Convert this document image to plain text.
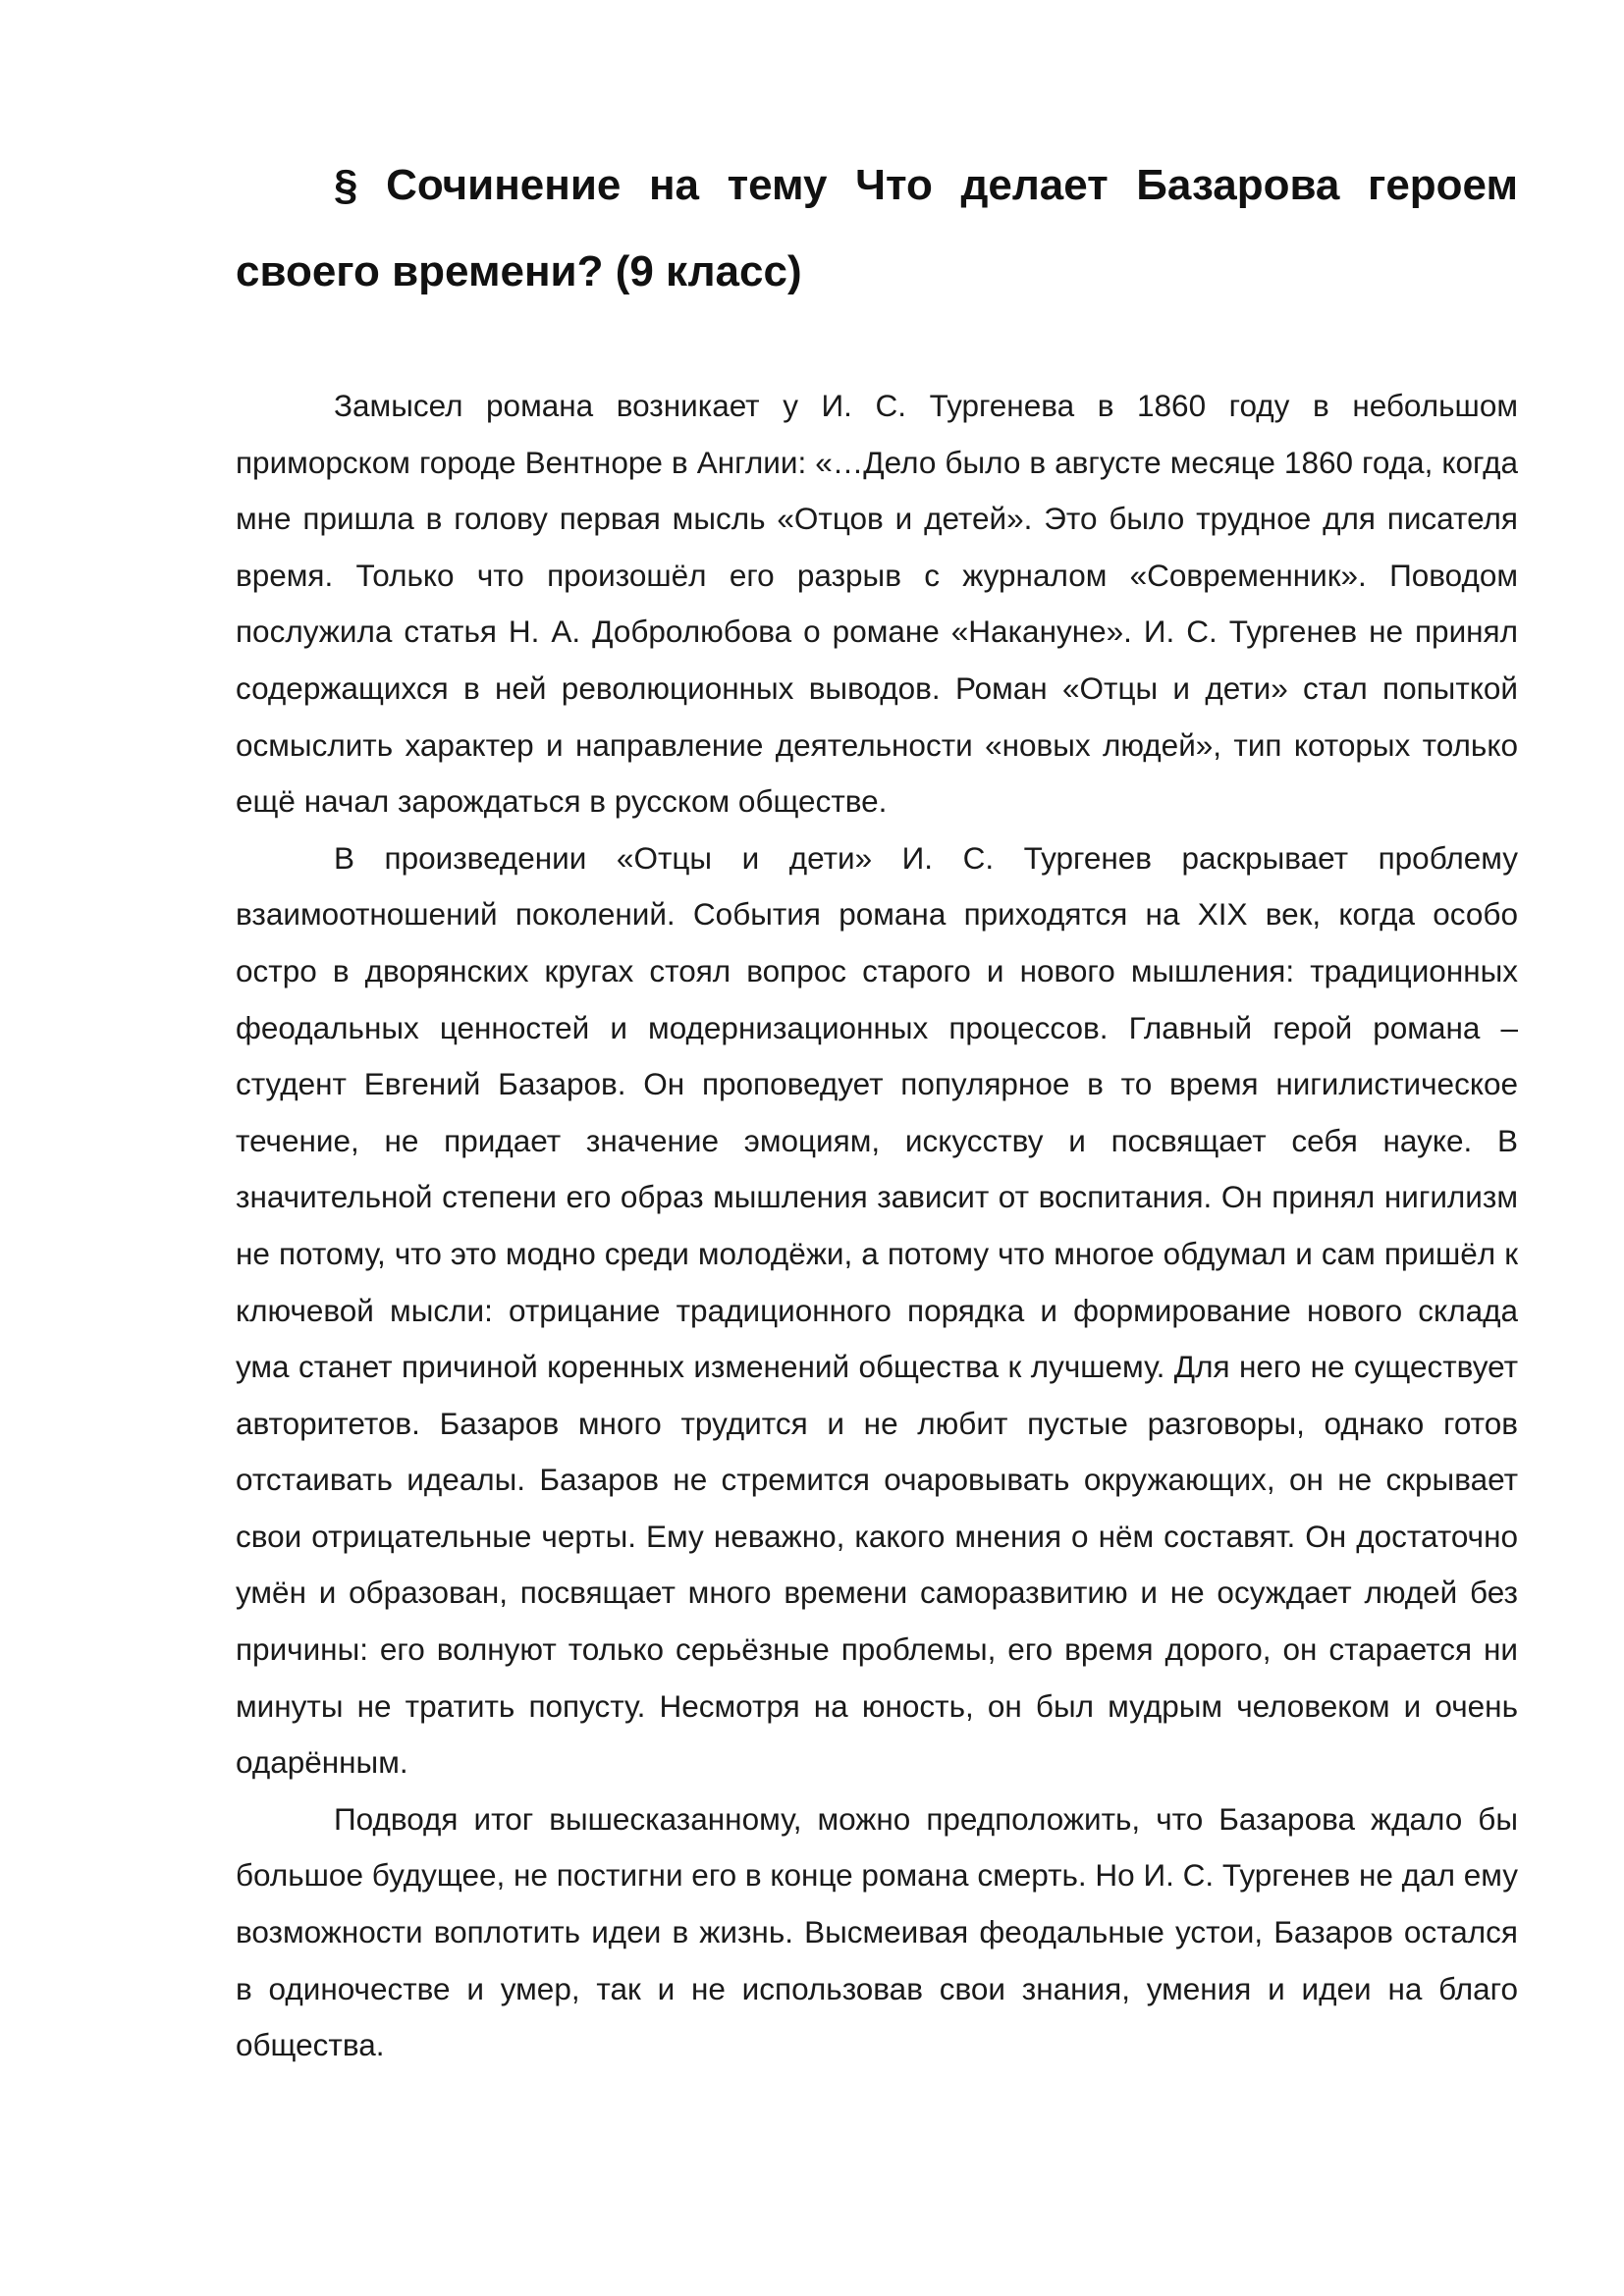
§ Сочинение на тему Что делает Базарова героем своего времени? (9 класс)

Замысел романа возникает у И. С. Тургенева в 1860 году в небольшом приморском городе Вентноре в Англии: «…Дело было в августе месяце 1860 года, когда мне пришла в голову первая мысль «Отцов и детей». Это было трудное для писателя время. Только что произошёл его разрыв с журналом «Современник». Поводом послужила статья Н. А. Добролюбова о романе «Накануне». И. С. Тургенев не принял содержащихся в ней революционных выводов. Роман «Отцы и дети» стал попыткой осмыслить характер и направление деятельности «новых людей», тип которых только ещё начал зарождаться в русском обществе.

В произведении «Отцы и дети» И. С. Тургенев раскрывает проблему взаимоотношений поколений. События романа приходятся на XIX век, когда особо остро в дворянских кругах стоял вопрос старого и нового мышления: традиционных феодальных ценностей и модернизационных процессов. Главный герой романа – студент Евгений Базаров. Он проповедует популярное в то время нигилистическое течение, не придает значение эмоциям, искусству и посвящает себя науке. В значительной степени его образ мышления зависит от воспитания. Он принял нигилизм не потому, что это модно среди молодёжи, а потому что многое обдумал и сам пришёл к ключевой мысли: отрицание традиционного порядка и формирование нового склада ума станет причиной коренных изменений общества к лучшему. Для него не существует авторитетов. Базаров много трудится и не любит пустые разговоры, однако готов отстаивать идеалы. Базаров не стремится очаровывать окружающих, он не скрывает свои отрицательные черты. Ему неважно, какого мнения о нём составят. Он достаточно умён и образован, посвящает много времени саморазвитию и не осуждает людей без причины: его волнуют только серьёзные проблемы, его время дорого, он старается ни минуты не тратить попусту. Несмотря на юность, он был мудрым человеком и очень одарённым.

Подводя итог вышесказанному, можно предположить, что Базарова ждало бы большое будущее, не постигни его в конце романа смерть. Но И. С. Тургенев не дал ему возможности воплотить идеи в жизнь. Высмеивая феодальные устои, Базаров остался в одиночестве и умер, так и не использовав свои знания, умения и идеи на благо общества.
